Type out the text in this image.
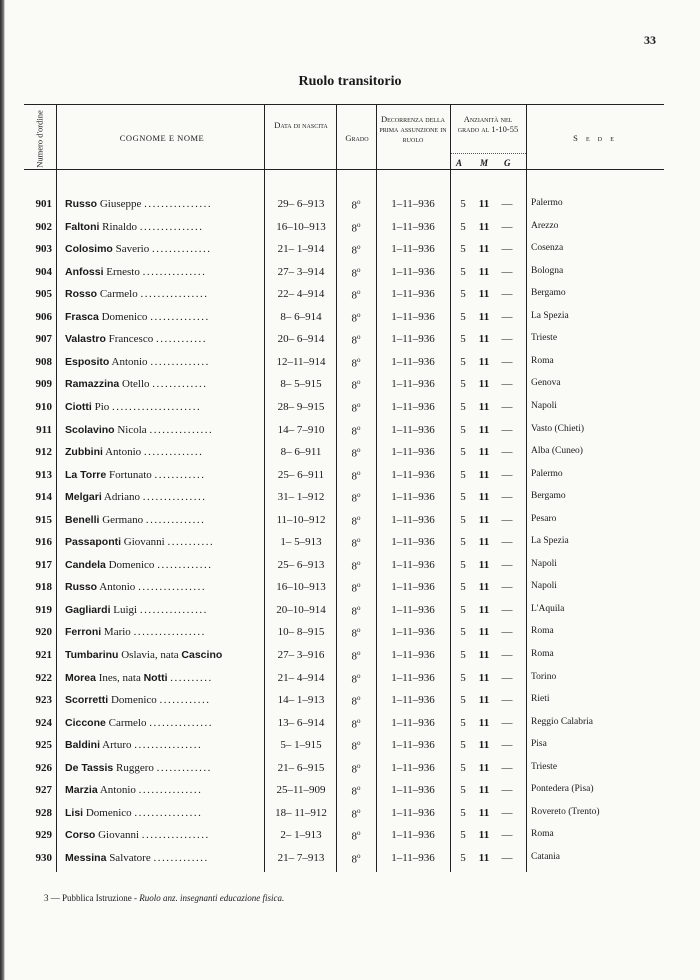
33
Ruolo transitorio
Numero d'ordine	COGNOME E NOME
Data di nascita
Grado
Decorrenza della prima assunzione in ruolo
Anzianità nel grado al 1-10-55
A M G
S e d e
901 Russo Giuseppe ................	29– 6–913	8$^o$	1–11–936	5	11	— Palermo
902 Faltoni Rinaldo ...............	16–10–913	8$^o$	1–11–936	5	11	— Arezzo
903 Colosimo Saverio ..............	21– 1–914	8$^o$	1–11–936	5	11	— Cosenza
904 Anfossi Ernesto ...............	27– 3–914	8$^o$	1–11–936	5	11	— Bologna
905 Rosso Carmelo ................	22– 4–914	8$^o$	1–11–936	5	11	— Bergamo
906 Frasca Domenico ..............	8– 6–914	8$^o$	1–11–936	5	11	— La Spezia
907 Valastro Francesco ............	20– 6–914	8$^o$	1–11–936	5	11	— Trieste
908 Esposito Antonio ..............	12–11–914	8$^o$	1–11–936	5	11	— Roma
909 Ramazzina Otello .............	8– 5–915	8$^o$	1–11–936	5	11	— Genova
910 Ciotti Pio .....................	28– 9–915	8$^o$	1–11–936	5	11	— Napoli
911 Scolavino Nicola ...............	14– 7–910	8$^o$	1–11–936	5	11	— Vasto (Chieti)
912 Zubbini Antonio ..............	8– 6–911	8$^o$	1–11–936	5	11	— Alba (Cuneo)
913 La Torre Fortunato ............	25– 6–911	8$^o$	1–11–936	5	11	— Palermo
914 Melgari Adriano ...............	31– 1–912	8$^o$	1–11–936	5	11	— Bergamo
915 Benelli Germano ..............	11–10–912	8$^o$	1–11–936	5	11	— Pesaro
916 Passaponti Giovanni ...........	1– 5–913	8$^o$	1–11–936	5	11	— La Spezia
917 Candela Domenico .............	25– 6–913	8$^o$	1–11–936	5	11	— Napoli
918 Russo Antonio ................	16–10–913	8$^o$	1–11–936	5	11	— Napoli
919 Gagliardi Luigi ................	20–10–914	8$^o$	1–11–936	5	11	— L'Aquila
920 Ferroni Mario .................	10– 8–915	8$^o$	1–11–936	5	11	— Roma
921 Tumbarinu Oslavia, nata Cascino	27– 3–916	8$^o$	1–11–936	5	11	— Roma
922 Morea Ines, nata Notti ..........	21– 4–914	8$^o$	1–11–936	5	11	— Torino
923 Scorretti Domenico ............	14– 1–913	8$^o$	1–11–936	5	11	— Rieti
924 Ciccone Carmelo ...............	13– 6–914	8$^o$	1–11–936	5	11	— Reggio Calabria
925 Baldini Arturo ................	5– 1–915	8$^o$	1–11–936	5	11	— Pisa
926 De Tassis Ruggero .............	21– 6–915	8$^o$	1–11–936	5	11	— Trieste
927 Marzia Antonio ...............	25–11–909	8$^o$	1–11–936	5	11	— Pontedera (Pisa)
928 Lisi Domenico ................	18– 11–912	8$^o$	1–11–936	5	11	— Rovereto (Trento)
929 Corso Giovanni ................	2– 1–913	8$^o$	1–11–936	5	11	— Roma
930 Messina Salvatore .............	21– 7–913	8$^o$	1–11–936	5	11	— Catania
3 — Pubblica Istruzione - Ruolo anz. insegnanti educazione fisica.
